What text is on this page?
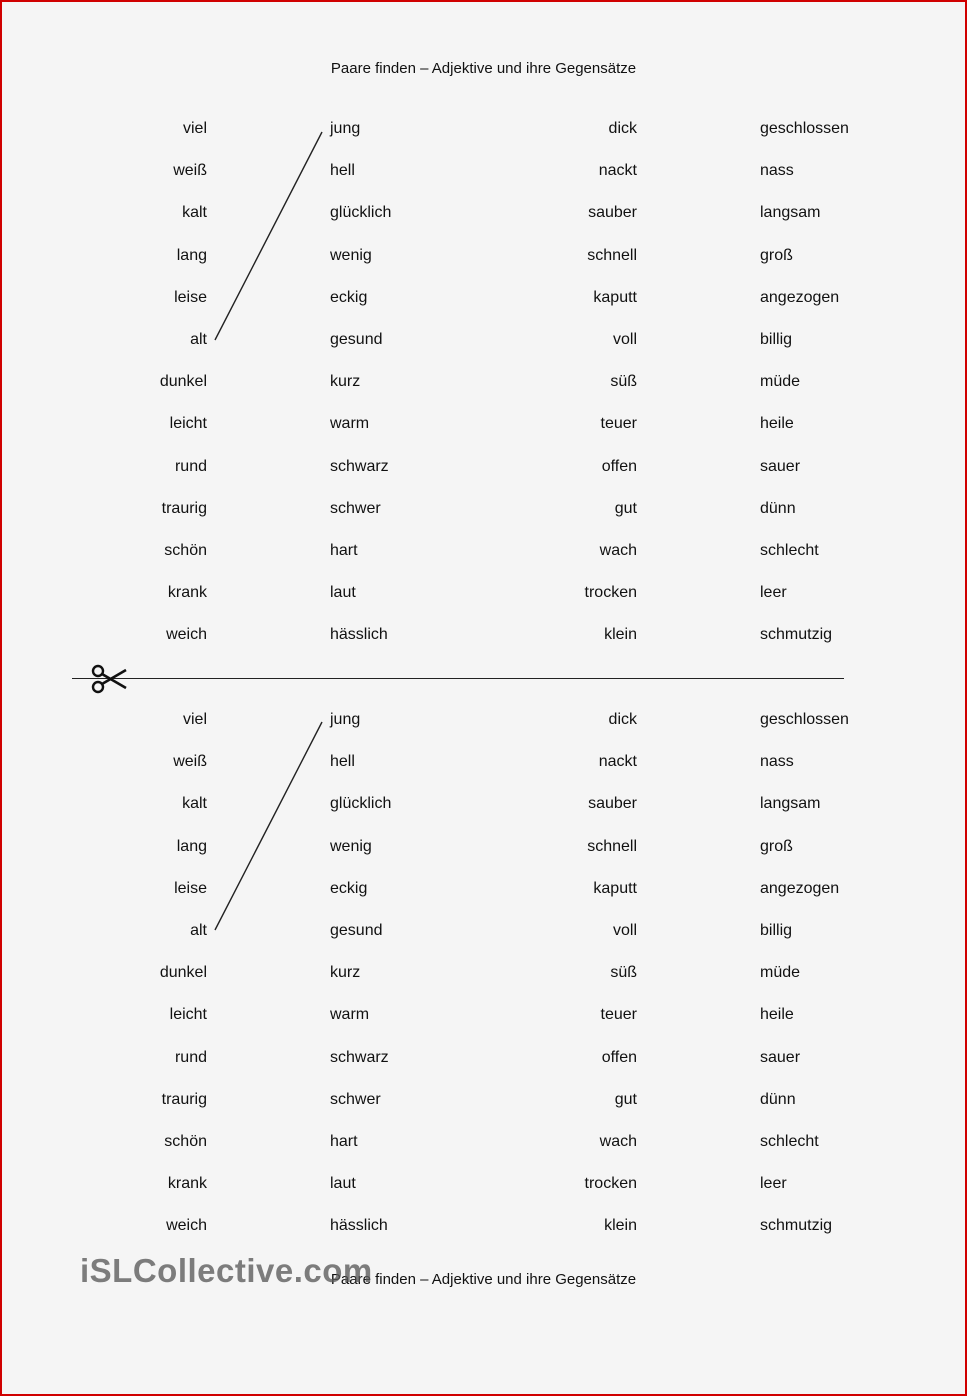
Paare finden – Adjektive und ihre Gegensätze
viel
weiß
kalt
lang
leise
alt
dunkel
leicht
rund
traurig
schön
krank
weich
jung
hell
glücklich
wenig
eckig
gesund
kurz
warm
schwarz
schwer
hart
laut
hässlich
dick
nackt
sauber
schnell
kaputt
voll
süß
teuer
offen
gut
wach
trocken
klein
geschlossen
nass
langsam
groß
angezogen
billig
müde
heile
sauer
dünn
schlecht
leer
schmutzig
viel
weiß
kalt
lang
leise
alt
dunkel
leicht
rund
traurig
schön
krank
weich
jung
hell
glücklich
wenig
eckig
gesund
kurz
warm
schwarz
schwer
hart
laut
hässlich
dick
nackt
sauber
schnell
kaputt
voll
süß
teuer
offen
gut
wach
trocken
klein
geschlossen
nass
langsam
groß
angezogen
billig
müde
heile
sauer
dünn
schlecht
leer
schmutzig
Paare finden – Adjektive und ihre Gegensätze
iSLCollective.com
